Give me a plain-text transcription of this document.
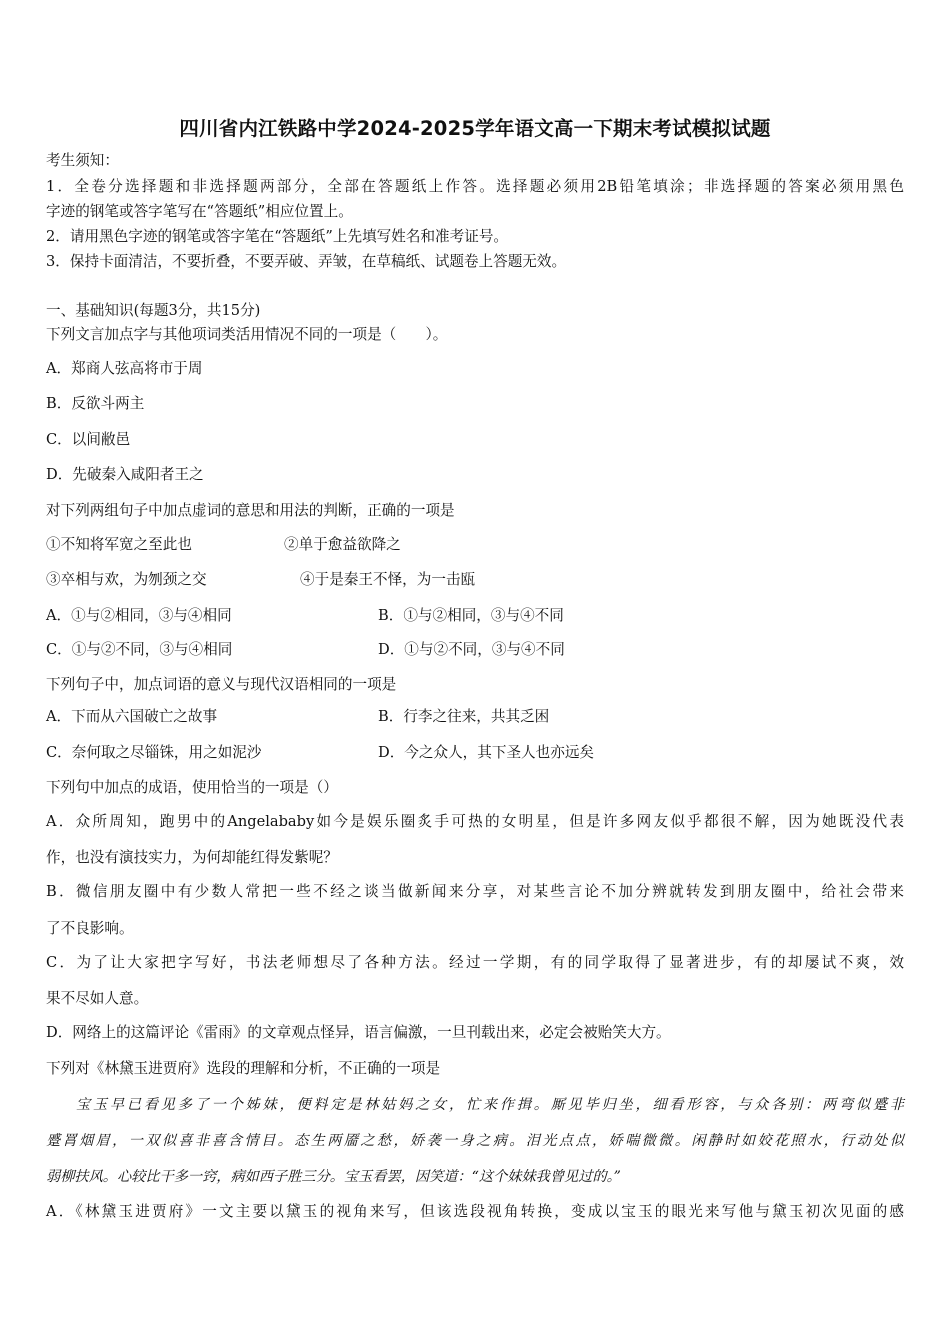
四川省内江铁路中学2024-2025学年语文高一下期末考试模拟试题
考生须知：
1．全卷分选择题和非选择题两部分，全部在答题纸上作答。选择题必须用2B铅笔填涂；非选择题的答案必须用黑色
字迹的钢笔或答字笔写在“答题纸”相应位置上。
2．请用黑色字迹的钢笔或答字笔在“答题纸”上先填写姓名和准考证号。
3．保持卡面清洁，不要折叠，不要弄破、弄皱，在草稿纸、试题卷上答题无效。
一、基础知识(每题3分，共15分)
下列文言加点字与其他项词类活用情况不同的一项是（　　）。
A．郑商人弦高将市于周
B．反欲斗两主
C．以间敝邑
D．先破秦入咸阳者王之
对下列两组句子中加点虚词的意思和用法的判断，正确的一项是
①不知将军宽之至此也	②单于愈益欲降之
③卒相与欢，为刎颈之交	④于是秦王不怿，为一击瓯
A．①与②相同，③与④相同	B．①与②相同，③与④不同
C．①与②不同，③与④相同	D．①与②不同，③与④不同
下列句子中，加点词语的意义与现代汉语相同的一项是
A．下而从六国破亡之故事	B．行李之往来，共其乏困
C．奈何取之尽锱铢，用之如泥沙	D．今之众人，其下圣人也亦远矣
下列句中加点的成语，使用恰当的一项是（）
A．众所周知，跑男中的Angelababy如今是娱乐圈炙手可热的女明星，但是许多网友似乎都很不解，因为她既没代表
作，也没有演技实力，为何却能红得发紫呢？
B．微信朋友圈中有少数人常把一些不经之谈当做新闻来分享，对某些言论不加分辨就转发到朋友圈中，给社会带来
了不良影响。
C．为了让大家把字写好，书法老师想尽了各种方法。经过一学期，有的同学取得了显著进步，有的却屡试不爽，效
果不尽如人意。
D．网络上的这篇评论《雷雨》的文章观点怪异，语言偏激，一旦刊载出来，必定会被贻笑大方。
下列对《林黛玉进贾府》选段的理解和分析，不正确的一项是
宝玉早已看见多了一个姊妹，便料定是林姑妈之女，忙来作揖。厮见毕归坐，细看形容，与众各别：两弯似蹙非
蹙罥烟眉，一双似喜非喜含情目。态生两靥之愁，娇袭一身之病。泪光点点，娇喘微微。闲静时如姣花照水，行动处似
弱柳扶风。心较比干多一窍，病如西子胜三分。宝玉看罢，因笑道：“这个妹妹我曾见过的。”
A．《林黛玉进贾府》一文主要以黛玉的视角来写，但该选段视角转换，变成以宝玉的眼光来写他与黛玉初次见面的感
